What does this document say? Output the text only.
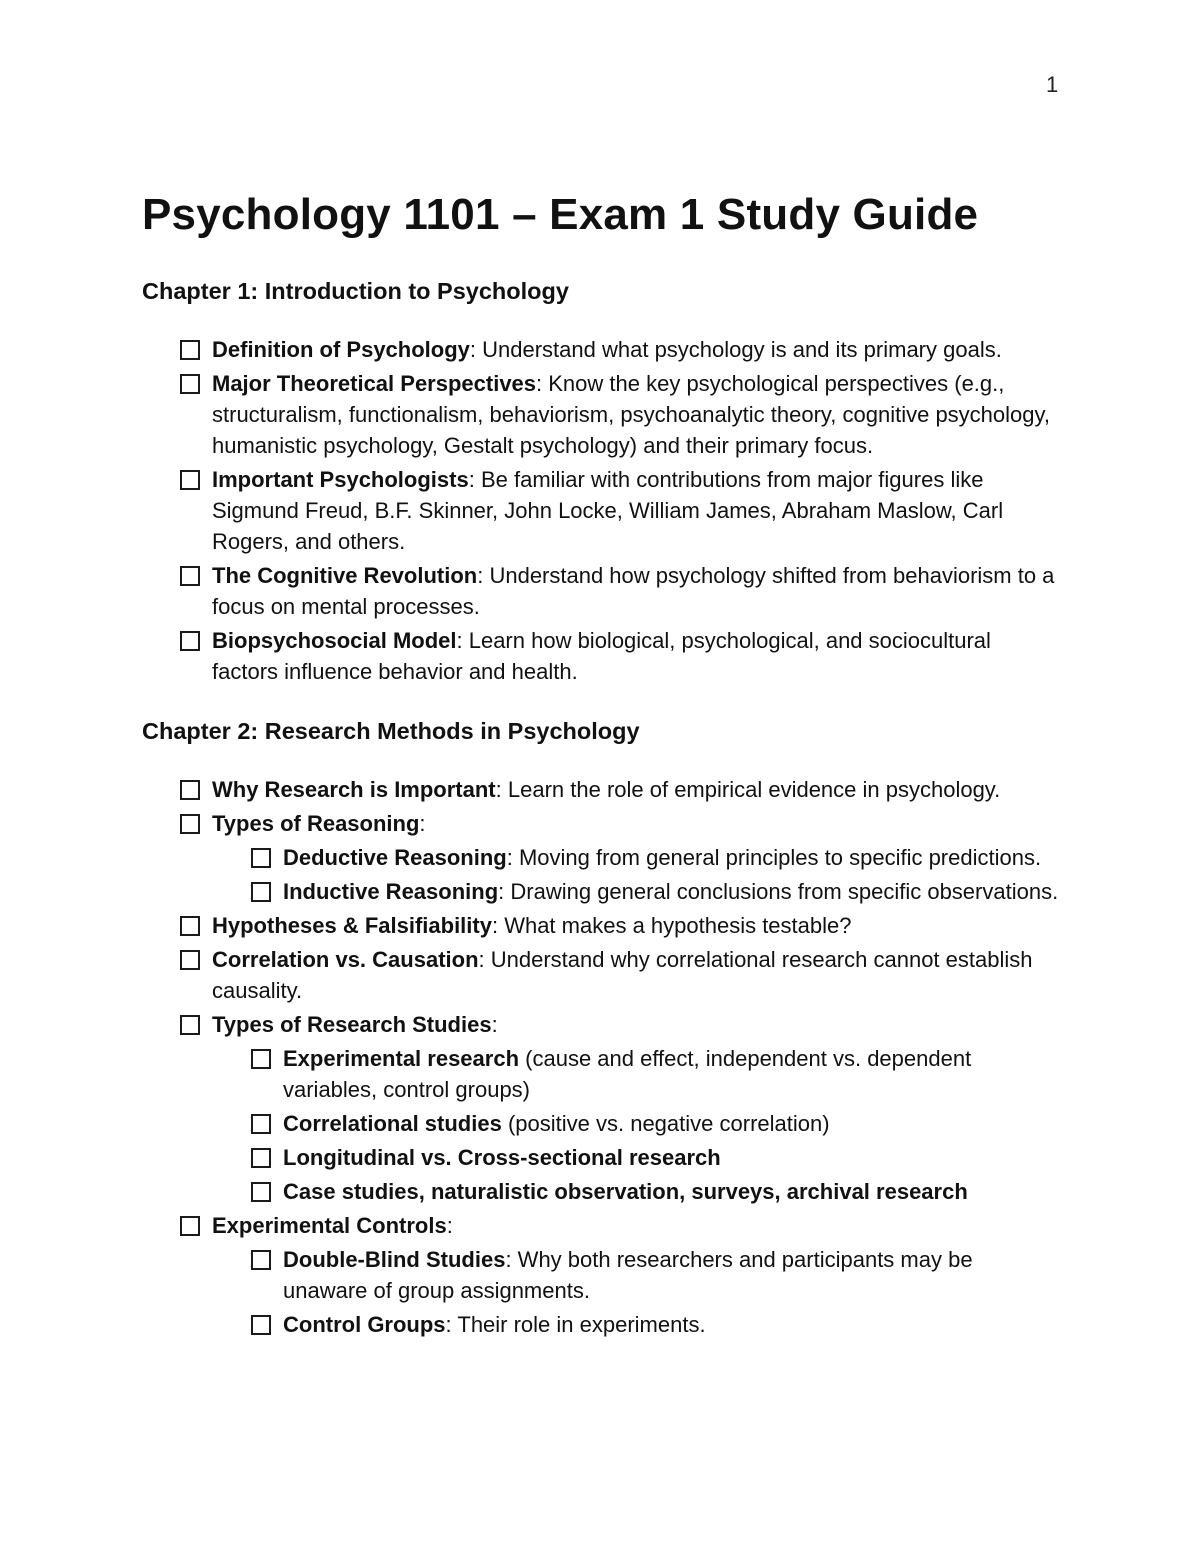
1
Psychology 1101 – Exam 1 Study Guide
Chapter 1: Introduction to Psychology
Definition of Psychology: Understand what psychology is and its primary goals.
Major Theoretical Perspectives: Know the key psychological perspectives (e.g., structuralism, functionalism, behaviorism, psychoanalytic theory, cognitive psychology, humanistic psychology, Gestalt psychology) and their primary focus.
Important Psychologists: Be familiar with contributions from major figures like Sigmund Freud, B.F. Skinner, John Locke, William James, Abraham Maslow, Carl Rogers, and others.
The Cognitive Revolution: Understand how psychology shifted from behaviorism to a focus on mental processes.
Biopsychosocial Model: Learn how biological, psychological, and sociocultural factors influence behavior and health.
Chapter 2: Research Methods in Psychology
Why Research is Important: Learn the role of empirical evidence in psychology.
Types of Reasoning:
Deductive Reasoning: Moving from general principles to specific predictions.
Inductive Reasoning: Drawing general conclusions from specific observations.
Hypotheses & Falsifiability: What makes a hypothesis testable?
Correlation vs. Causation: Understand why correlational research cannot establish causality.
Types of Research Studies:
Experimental research (cause and effect, independent vs. dependent variables, control groups)
Correlational studies (positive vs. negative correlation)
Longitudinal vs. Cross-sectional research
Case studies, naturalistic observation, surveys, archival research
Experimental Controls:
Double-Blind Studies: Why both researchers and participants may be unaware of group assignments.
Control Groups: Their role in experiments.
